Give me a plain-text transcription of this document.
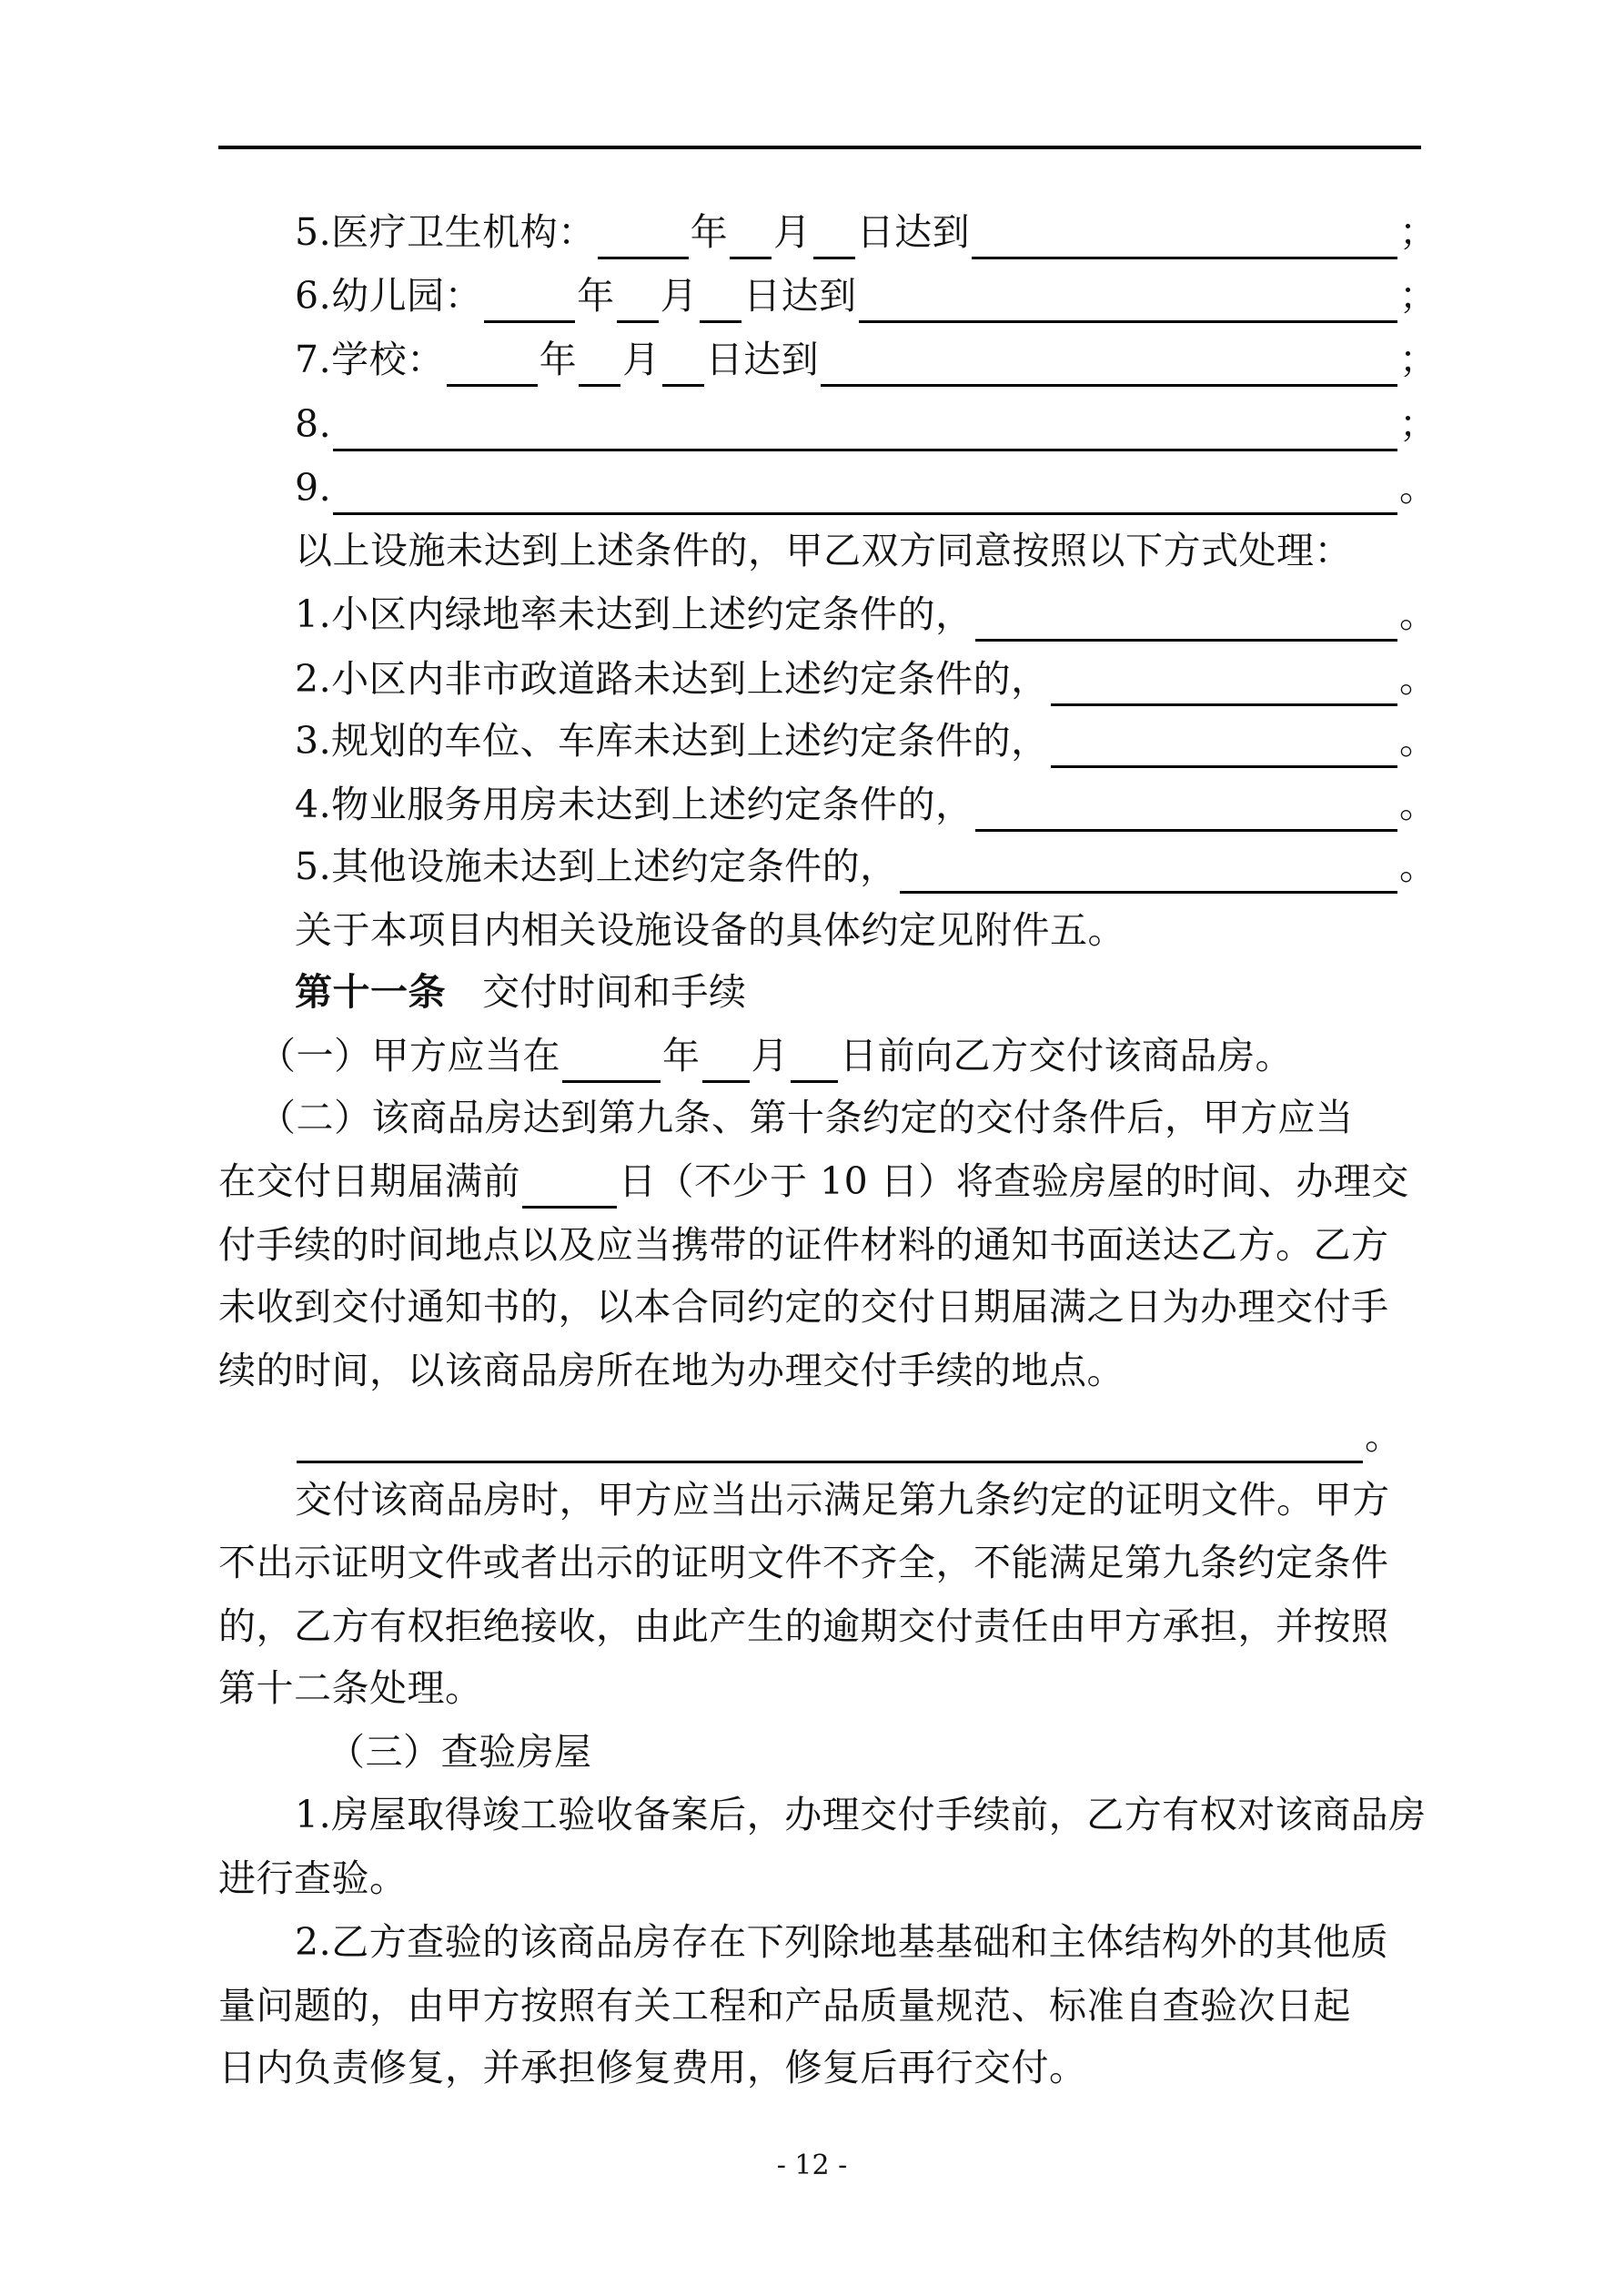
5.医疗卫生机构：	年 月 日达到	；
6.幼儿园：	年 月 日达到	；
7.学校：	年 月 日达到	；
8.	；
9.	。
以上设施未达到上述条件的，甲乙双方同意按照以下方式处理：
1.小区内绿地率未达到上述约定条件的，	。
2.小区内非市政道路未达到上述约定条件的，	。
3.规划的车位、车库未达到上述约定条件的，	。
4.物业服务用房未达到上述约定条件的，	。
5.其他设施未达到上述约定条件的，	。
关于本项目内相关设施设备的具体约定见附件五。
第十一条 交付时间和手续
（一）甲方应当在	年 月 日前向乙方交付该商品房。
（二）该商品房达到第九条、第十条约定的交付条件后，甲方应当
在交付日期届满前	日（不少于 10 日）将查验房屋的时间、办理交
付手续的时间地点以及应当携带的证件材料的通知书面送达乙方。乙方
未收到交付通知书的，以本合同约定的交付日期届满之日为办理交付手
续的时间，以该商品房所在地为办理交付手续的地点。
。
交付该商品房时，甲方应当出示满足第九条约定的证明文件。甲方
不出示证明文件或者出示的证明文件不齐全，不能满足第九条约定条件
的，乙方有权拒绝接收，由此产生的逾期交付责任由甲方承担，并按照
第十二条处理。
（三）查验房屋
1.房屋取得竣工验收备案后，办理交付手续前，乙方有权对该商品房
进行查验。
2.乙方查验的该商品房存在下列除地基基础和主体结构外的其他质
量问题的，由甲方按照有关工程和产品质量规范、标准自查验次日起
日内负责修复，并承担修复费用，修复后再行交付。
- 12 -
